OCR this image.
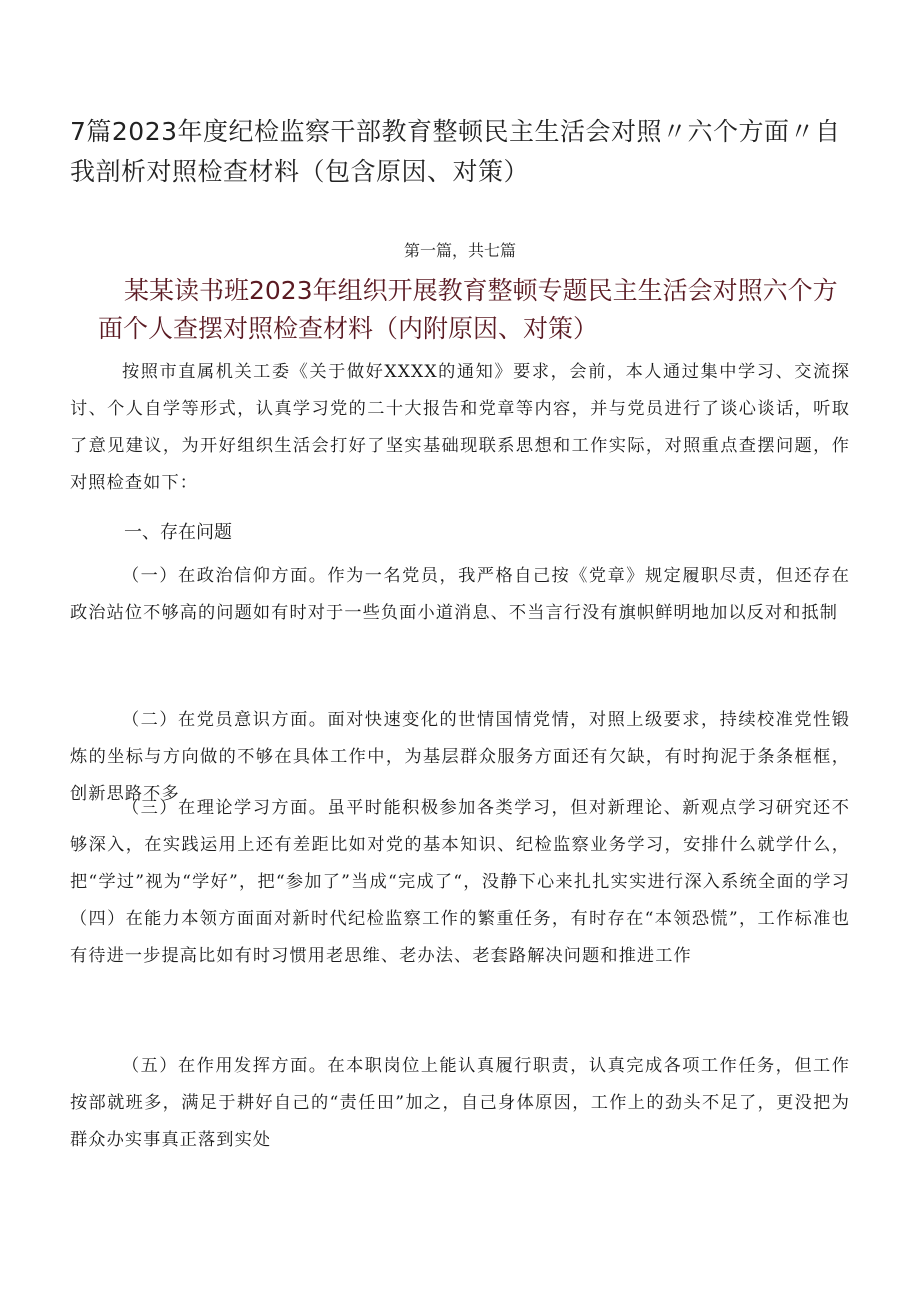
7篇2023年度纪检监察干部教育整顿民主生活会对照〃六个方面〃自我剖析对照检查材料（包含原因、对策）
第一篇，共七篇
某某读书班2023年组织开展教育整顿专题民主生活会对照六个方面个人查摆对照检查材料（内附原因、对策）
按照市直属机关工委《关于做好XXXX的通知》要求，会前，本人通过集中学习、交流探讨、个人自学等形式，认真学习党的二十大报告和党章等内容，并与党员进行了谈心谈话，听取了意见建议，为开好组织生活会打好了坚实基础现联系思想和工作实际，对照重点查摆问题，作对照检查如下：
一、存在问题
（一）在政治信仰方面。作为一名党员，我严格自己按《党章》规定履职尽责，但还存在政治站位不够高的问题如有时对于一些负面小道消息、不当言行没有旗帜鲜明地加以反对和抵制
（二）在党员意识方面。面对快速变化的世情国情党情，对照上级要求，持续校准党性锻炼的坐标与方向做的不够在具体工作中，为基层群众服务方面还有欠缺，有时拘泥于条条框框，创新思路不多
（三）在理论学习方面。虽平时能积极参加各类学习，但对新理论、新观点学习研究还不够深入，在实践运用上还有差距比如对党的基本知识、纪检监察业务学习，安排什么就学什么，把“学过”视为“学好”，把“参加了”当成“完成了“，没静下心来扎扎实实进行深入系统全面的学习（四）在能力本领方面面对新时代纪检监察工作的繁重任务，有时存在“本领恐慌”，工作标准也有待进一步提高比如有时习惯用老思维、老办法、老套路解决问题和推进工作
（五）在作用发挥方面。在本职岗位上能认真履行职责，认真完成各项工作任务，但工作按部就班多，满足于耕好自己的“责任田”加之，自己身体原因，工作上的劲头不足了，更没把为群众办实事真正落到实处
